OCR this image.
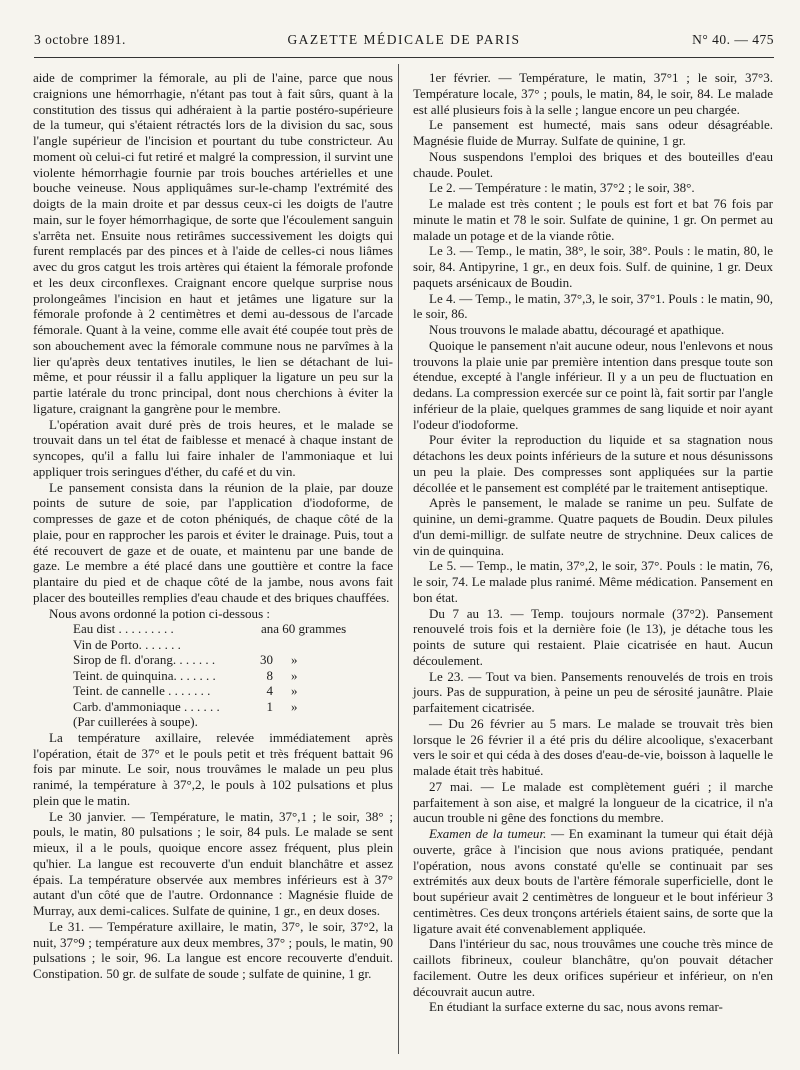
3 octobre 1891.	GAZETTE MÉDICALE DE PARIS	N° 40. — 475

aide de comprimer la fémorale, au pli de l'aine, parce que nous craignions une hémorrhagie, n'étant pas tout à fait sûrs, quant à la constitution des tissus qui adhéraient à la partie postéro-supérieure de la tumeur, qui s'étaient rétractés lors de la division du sac, sous l'angle supérieur de l'incision et pourtant du tube constricteur. Au moment où celui-ci fut retiré et malgré la compression, il survint une violente hémorrhagie fournie par trois bouches artérielles et une bouche veineuse. Nous appliquâmes sur-le-champ l'extrémité des doigts de la main droite et par dessus ceux-ci les doigts de l'autre main, sur le foyer hémorrhagique, de sorte que l'écoulement sanguin s'arrêta net. Ensuite nous retirâmes successivement les doigts qui furent remplacés par des pinces et à l'aide de celles-ci nous liâmes avec du gros catgut les trois artères qui étaient la fémorale profonde et les deux circonflexes. Craignant encore quelque surprise nous prolongeâmes l'incision en haut et jetâmes une ligature sur la fémorale profonde à 2 centimètres et demi au-dessous de l'arcade fémorale. Quant à la veine, comme elle avait été coupée tout près de son abouchement avec la fémorale commune nous ne parvîmes à la lier qu'après deux tentatives inutiles, le lien se détachant de lui-même, et pour réussir il a fallu appliquer la ligature un peu sur la partie latérale du tronc principal, dont nous cherchions à éviter la ligature, craignant la gangrène pour le membre.

L'opération avait duré près de trois heures, et le malade se trouvait dans un tel état de faiblesse et menacé à chaque instant de syncopes, qu'il a fallu lui faire inhaler de l'ammoniaque et lui appliquer trois seringues d'éther, du café et du vin.

Le pansement consista dans la réunion de la plaie, par douze points de suture de soie, par l'application d'iodoforme, de compresses de gaze et de coton phéniqués, de chaque côté de la plaie, pour en rapprocher les parois et éviter le drainage. Puis, tout a été recouvert de gaze et de ouate, et maintenu par une bande de gaze. Le membre a été placé dans une gouttière et contre la face plantaire du pied et de chaque côté de la jambe, nous avons fait placer des bouteilles remplies d'eau chaude et des briques chauffées.

Nous avons ordonné la potion ci-dessous :

Eau dist . . . . . . . . .	ana 60 grammes
Vin de Porto. . . . . . .
Sirop de fl. d'orang. . . . . . .	30	»
Teint. de quinquina. . . . . . .	8	»
Teint. de cannelle . . . . . . .	4	»
Carb. d'ammoniaque . . . . . .	1	»
(Par cuillerées à soupe).

La température axillaire, relevée immédiatement après l'opération, était de 37° et le pouls petit et très fréquent battait 96 fois par minute. Le soir, nous trouvâmes le malade un peu plus ranimé, la température à 37°,2, le pouls à 102 pulsations et plus plein que le matin.

Le 30 janvier. — Température, le matin, 37°,1 ; le soir, 38° ; pouls, le matin, 80 pulsations ; le soir, 84 puls. Le malade se sent mieux, il a le pouls, quoique encore assez fréquent, plus plein qu'hier. La langue est recouverte d'un enduit blanchâtre et assez épais. La température observée aux membres inférieurs est à 37° autant d'un côté que de l'autre. Ordonnance : Magnésie fluide de Murray, aux demi-calices. Sulfate de quinine, 1 gr., en deux doses.

Le 31. — Température axillaire, le matin, 37°, le soir, 37°2, la nuit, 37°9 ; température aux deux membres, 37° ; pouls, le matin, 90 pulsations ; le soir, 96. La langue est encore recouverte d'enduit. Constipation. 50 gr. de sulfate de soude ; sulfate de quinine, 1 gr.

1er février. — Température, le matin, 37°1 ; le soir, 37°3. Température locale, 37° ; pouls, le matin, 84, le soir, 84. Le malade est allé plusieurs fois à la selle ; langue encore un peu chargée.

Le pansement est humecté, mais sans odeur désagréable. Magnésie fluide de Murray. Sulfate de quinine, 1 gr.

Nous suspendons l'emploi des briques et des bouteilles d'eau chaude. Poulet.

Le 2. — Température : le matin, 37°2 ; le soir, 38°.

Le malade est très content ; le pouls est fort et bat 76 fois par minute le matin et 78 le soir. Sulfate de quinine, 1 gr. On permet au malade un potage et de la viande rôtie.

Le 3. — Temp., le matin, 38°, le soir, 38°. Pouls : le matin, 80, le soir, 84. Antipyrine, 1 gr., en deux fois. Sulf. de quinine, 1 gr. Deux paquets arsénicaux de Boudin.

Le 4. — Temp., le matin, 37°,3, le soir, 37°1. Pouls : le matin, 90, le soir, 86.

Nous trouvons le malade abattu, découragé et apathique.

Quoique le pansement n'ait aucune odeur, nous l'enlevons et nous trouvons la plaie unie par première intention dans presque toute son étendue, excepté à l'angle inférieur. Il y a un peu de fluctuation en dedans. La compression exercée sur ce point là, fait sortir par l'angle inférieur de la plaie, quelques grammes de sang liquide et noir ayant l'odeur d'iodoforme.

Pour éviter la reproduction du liquide et sa stagnation nous détachons les deux points inférieurs de la suture et nous désunissons un peu la plaie. Des compresses sont appliquées sur la partie décollée et le pansement est complété par le traitement antiseptique.

Après le pansement, le malade se ranime un peu. Sulfate de quinine, un demi-gramme. Quatre paquets de Boudin. Deux pilules d'un demi-milligr. de sulfate neutre de strychnine. Deux calices de vin de quinquina.

Le 5. — Temp., le matin, 37°,2, le soir, 37°. Pouls : le matin, 76, le soir, 74. Le malade plus ranimé. Même médication. Pansement en bon état.

Du 7 au 13. — Temp. toujours normale (37°2). Pansement renouvelé trois fois et la dernière foie (le 13), je détache tous les points de suture qui restaient. Plaie cicatrisée en haut. Aucun découlement.

Le 23. — Tout va bien. Pansements renouvelés de trois en trois jours. Pas de suppuration, à peine un peu de sérosité jaunâtre. Plaie parfaitement cicatrisée.

— Du 26 février au 5 mars. Le malade se trouvait très bien lorsque le 26 février il a été pris du délire alcoolique, s'exacerbant vers le soir et qui céda à des doses d'eau-de-vie, boisson à laquelle le malade était très habitué.

27 mai. — Le malade est complètement guéri ; il marche parfaitement à son aise, et malgré la longueur de la cicatrice, il n'a aucun trouble ni gêne des fonctions du membre.

Examen de la tumeur. — En examinant la tumeur qui était déjà ouverte, grâce à l'incision que nous avions pratiquée, pendant l'opération, nous avons constaté qu'elle se continuait par ses extrémités aux deux bouts de l'artère fémorale superficielle, dont le bout supérieur avait 2 centimètres de longueur et le bout inférieur 3 centimètres. Ces deux tronçons artériels étaient sains, de sorte que la ligature avait été convenablement appliquée.

Dans l'intérieur du sac, nous trouvâmes une couche très mince de caillots fibrineux, couleur blanchâtre, qu'on pouvait détacher facilement. Outre les deux orifices supérieur et inférieur, on n'en découvrait aucun autre.

En étudiant la surface externe du sac, nous avons remar-
